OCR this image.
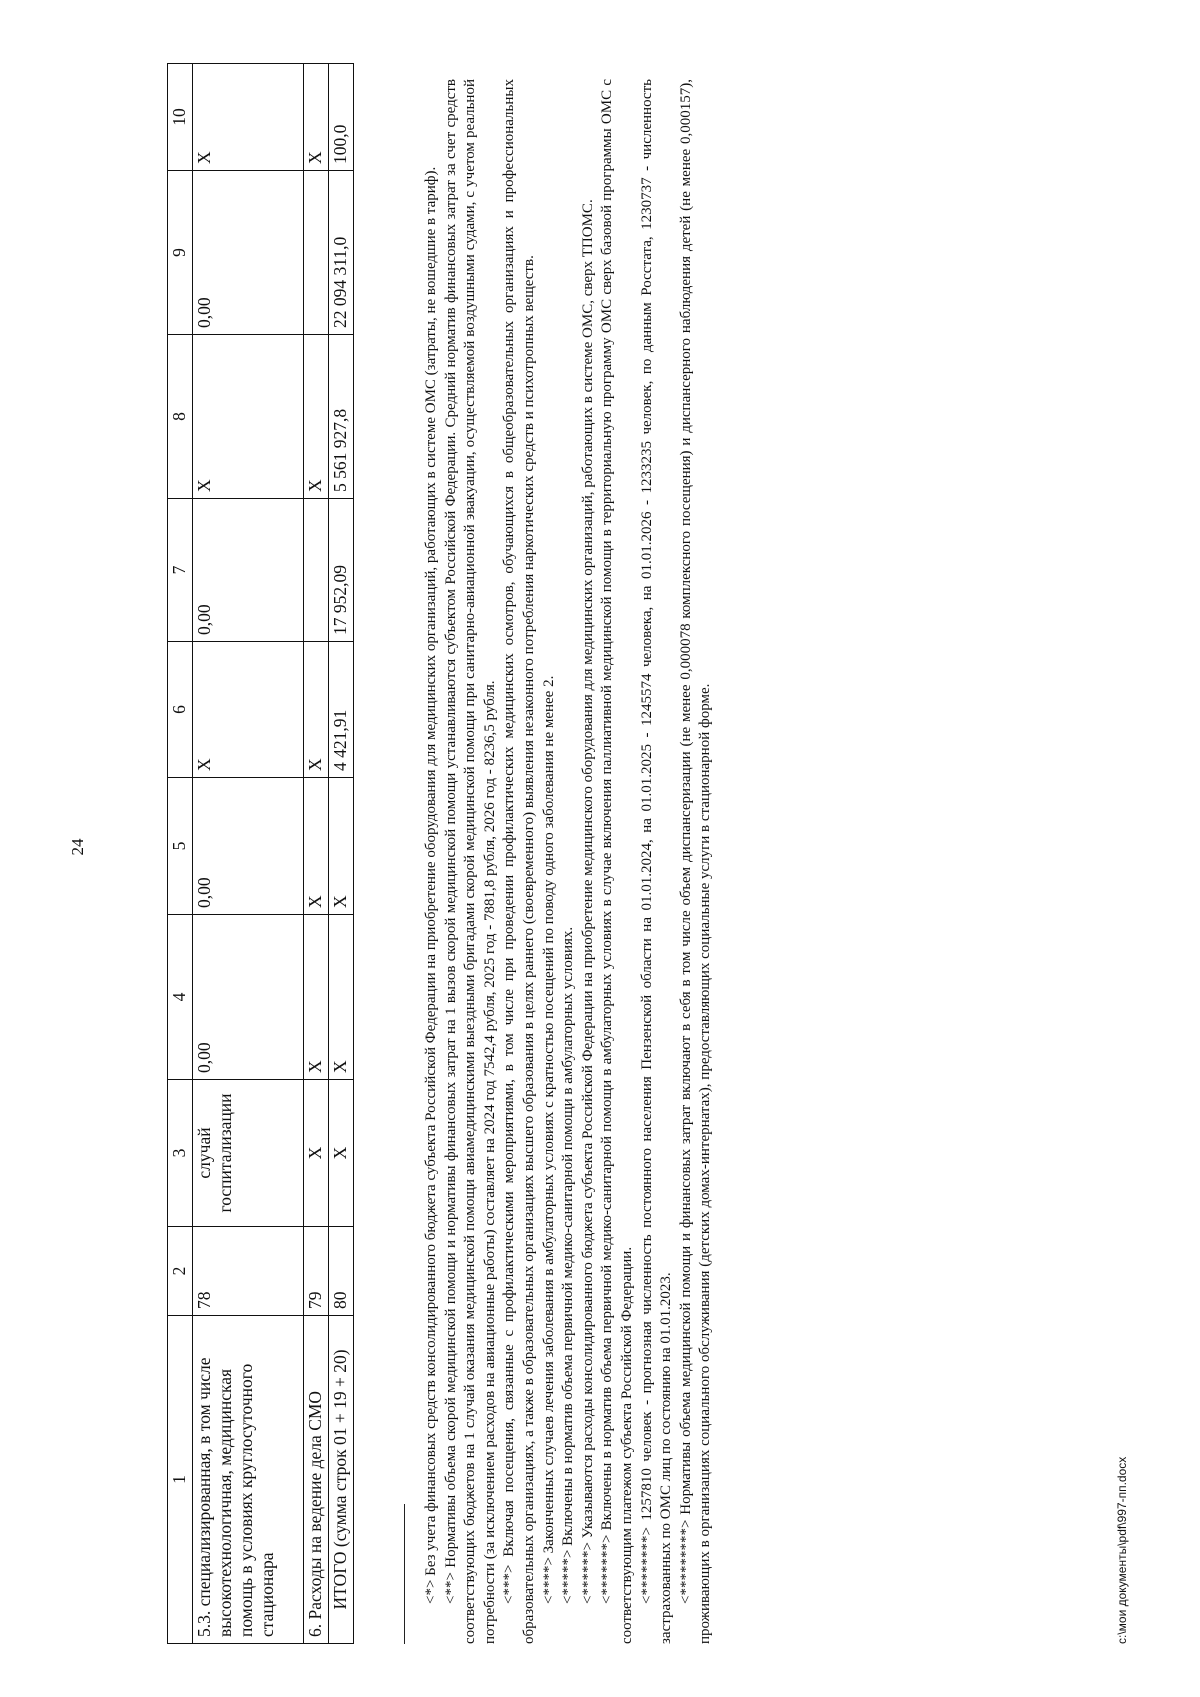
24
1	2	3	4	5	6	7	8	9	10
5.3. специализированная, в том числе высокотехнологичная, медицинская помощь в условиях круглосуточного стационара	78	случай госпитализации	0,00	0,00	X	0,00	X	0,00	X
6. Расходы на ведение дела СМО	79	X	X	X	X		X		X
ИТОГО (сумма строк 01 + 19 + 20)	80	X	X	X	4 421,91	17 952,09	5 561 927,8	22 094 311,0	100,0

<*> Без учета финансовых средств консолидированного бюджета субъекта Российской Федерации на приобретение оборудования для медицинских организаций, работающих в системе ОМС (затраты, не вошедшие в тариф). <**> Нормативы объема скорой медицинской помощи и нормативы финансовых затрат на 1 вызов скорой медицинской помощи устанавливаются субъектом Российской Федерации. Средний норматив финансовых затрат за счет средств соответствующих бюджетов на 1 случай оказания медицинской помощи авиамедицинскими выездными бригадами скорой медицинской помощи при санитарно-авиационной эвакуации, осуществляемой воздушными судами, с учетом реальной потребности (за исключением расходов на авиационные работы) составляет на 2024 год 7542,4 рубля, 2025 год - 7881,8 рубля, 2026 год - 8236,5 рубля. <***> Включая посещения, связанные с профилактическими мероприятиями, в том числе при проведении профилактических медицинских осмотров, обучающихся в общеобразовательных организациях и профессиональных образовательных организациях, а также в образовательных организациях высшего образования в целях раннего (своевременного) выявления незаконного потребления наркотических средств и психотропных веществ. <****> Законченных случаев лечения заболевания в амбулаторных условиях с кратностью посещений по поводу одного заболевания не менее 2. <*****> Включены в норматив объема первичной медико-санитарной помощи в амбулаторных условиях. <******> Указываются расходы консолидированного бюджета субъекта Российской Федерации на приобретение медицинского оборудования для медицинских организаций, работающих в системе ОМС, сверх ТПОМС. <*******> Включены в норматив объема первичной медико-санитарной помощи в амбулаторных условиях в случае включения паллиативной медицинской помощи в территориальную программу ОМС сверх базовой программы ОМС с соответствующим платежом субъекта Российской Федерации. <********> 1257810 человек - прогнозная численность постоянного населения Пензенской области на 01.01.2024, на 01.01.2025 - 1245574 человека, на 01.01.2026 - 1233235 человек, по данным Росстата, 1230737 - численность застрахованных по ОМС лиц по состоянию на 01.01.2023. <*********> Нормативы объема медицинской помощи и финансовых затрат включают в себя в том числе объем диспансеризации (не менее 0,000078 комплексного посещения) и диспансерного наблюдения детей (не менее 0,000157), проживающих в организациях социального обслуживания (детских домах-интернатах), предоставляющих социальные услуги в стационарной форме.	c:\мои документы\pdf\997-пп.docx
